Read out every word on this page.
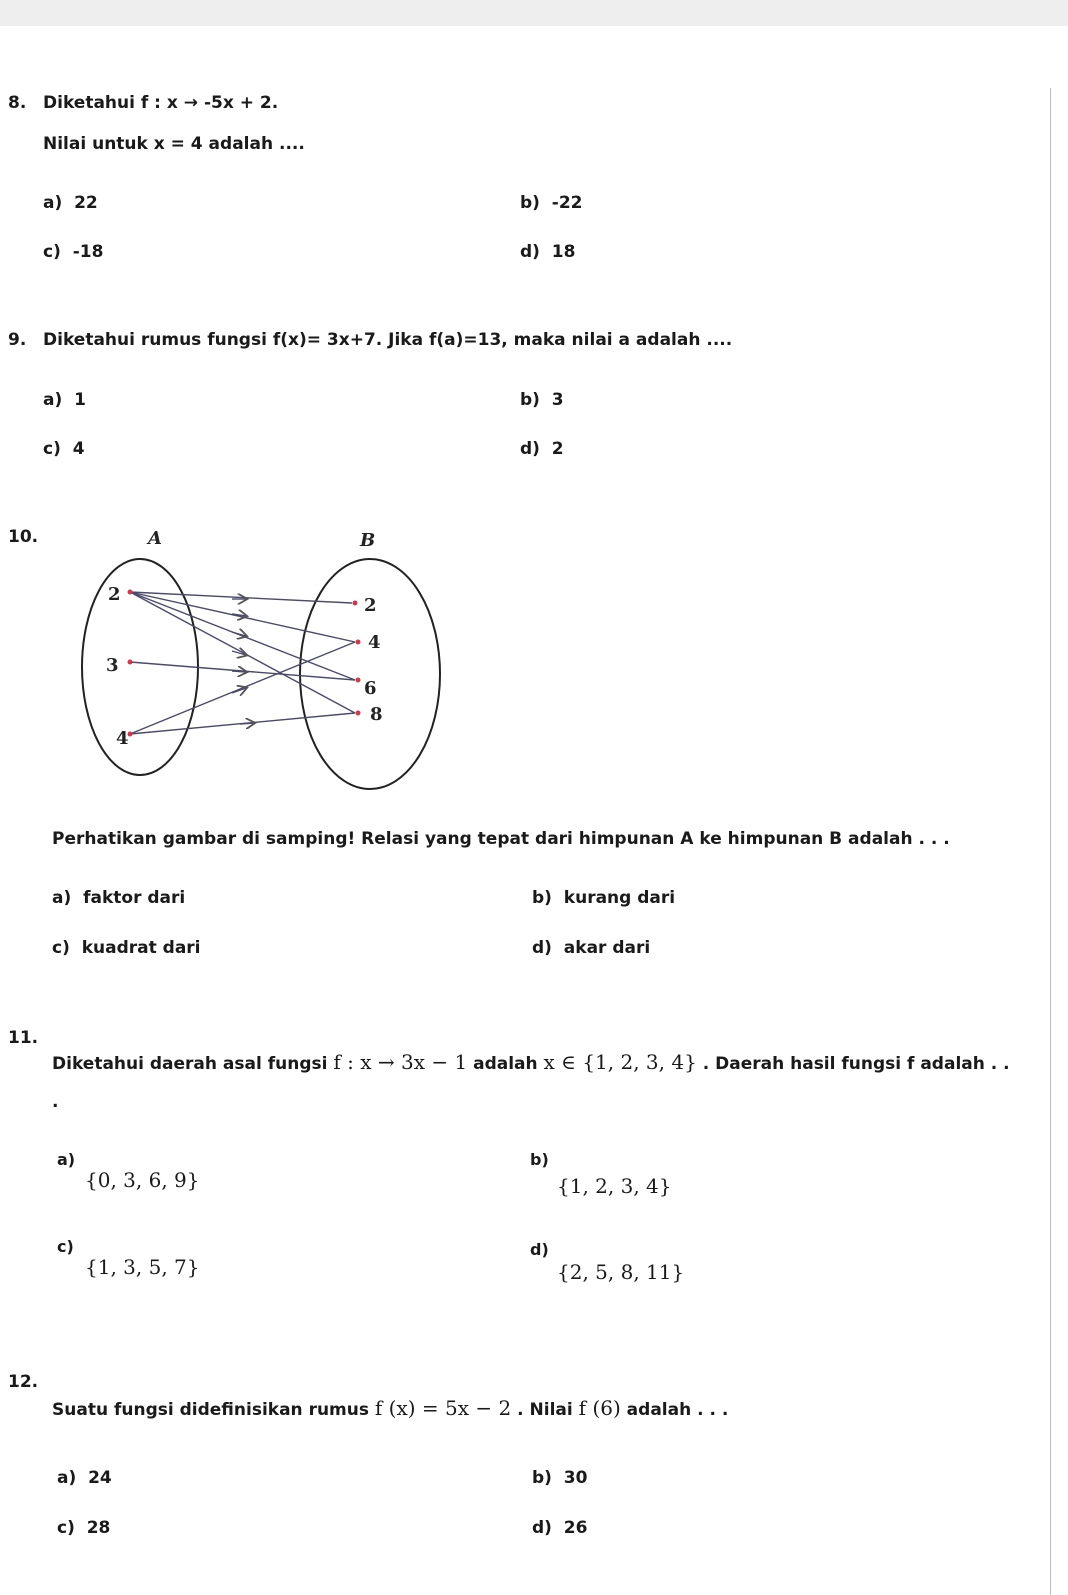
8. Diketahui f : x → -5x + 2.
Nilai untuk x = 4 adalah ....
a) 22	b) -22
c) -18	d) 18
9. Diketahui rumus fungsi f(x)= 3x+7. Jika f(a)=13, maka nilai a adalah ....
a) 1	b) 3
c) 4	d) 2
10.	A	B
2
3
4
2
4
6
8
Perhatikan gambar di samping! Relasi yang tepat dari himpunan A ke himpunan B adalah . . .
a) faktor dari	b) kurang dari
c) kuadrat dari	d) akar dari
11.
Diketahui daerah asal fungsi f : x → 3x − 1 adalah x ∈ {1, 2, 3, 4} . Daerah hasil fungsi f adalah . .
.
a)
{0, 3, 6, 9}
b)
{1, 2, 3, 4}
c)
{1, 3, 5, 7}
d)
{2, 5, 8, 11}
12.
Suatu fungsi didefinisikan rumus f (x) = 5x − 2 . Nilai f (6) adalah . . .
a) 24	b) 30
c) 28	d) 26
